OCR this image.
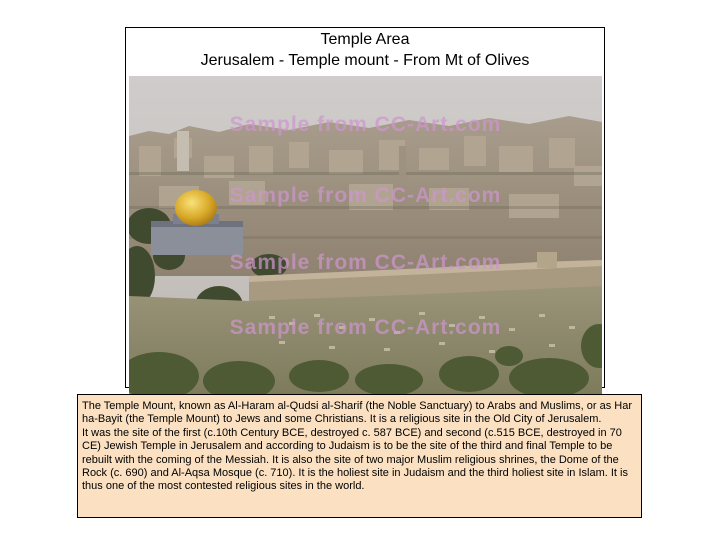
Temple Area
Jerusalem - Temple mount - From Mt of Olives
Sample from CC-Art.com
Sample from CC-Art.com
Sample from CC-Art.com
Sample from CC-Art.com

The Temple Mount, known as Al-Haram al-Qudsi al-Sharif (the Noble Sanctuary) to Arabs and Muslims, or as Har ha-Bayit (the Temple Mount) to Jews and some Christians. It is a religious site in the Old City of Jerusalem.

It was the site of the first (c.10th Century BCE, destroyed c. 587 BCE) and second (c.515 BCE, destroyed in 70 CE) Jewish Temple in Jerusalem and according to Judaism is to be the site of the third and final Temple to be rebuilt with the coming of the Messiah. It is also the site of two major Muslim religious shrines, the Dome of the Rock (c. 690) and Al-Aqsa Mosque (c. 710). It is the holiest site in Judaism and the third holiest site in Islam. It is thus one of the most contested religious sites in the world.
